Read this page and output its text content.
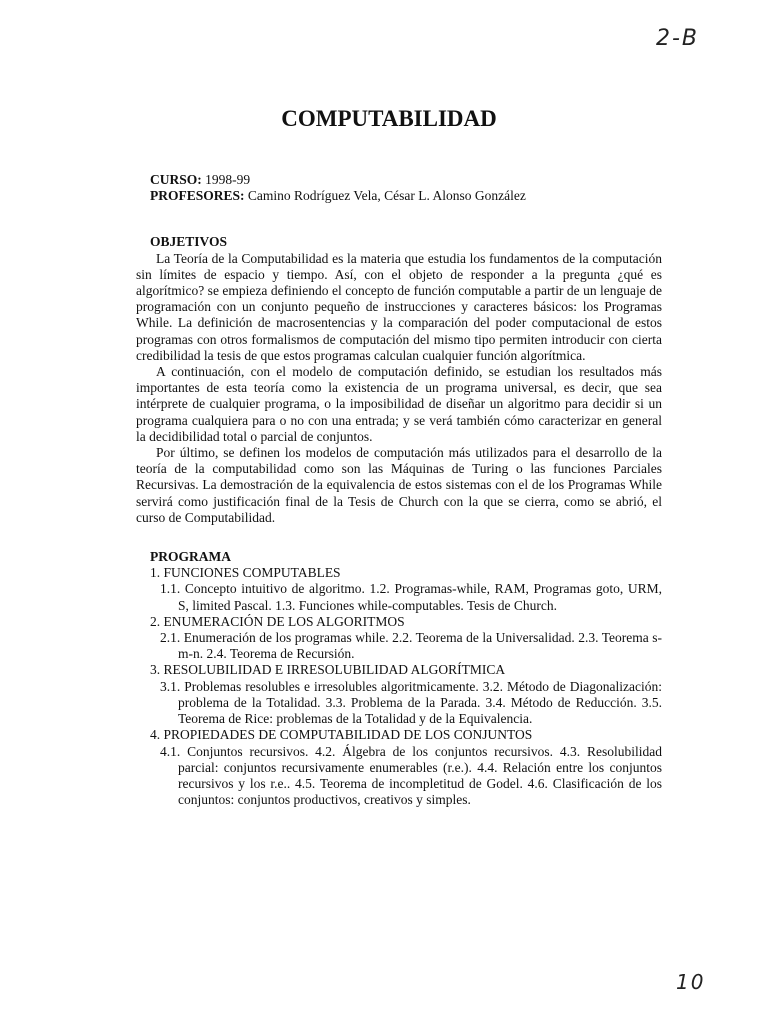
2-B
COMPUTABILIDAD

CURSO: 1998-99

PROFESORES: Camino Rodríguez Vela, César L. Alonso González

OBJETIVOS

La Teoría de la Computabilidad es la materia que estudia los fundamentos de la computación sin límites de espacio y tiempo. Así, con el objeto de responder a la pregunta ¿qué es algorítmico? se empieza definiendo el concepto de función computable a partir de un lenguaje de programación con un conjunto pequeño de instrucciones y caracteres básicos: los Programas While. La definición de macrosentencias y la comparación del poder computacional de estos programas con otros formalismos de computación del mismo tipo permiten introducir con cierta credibilidad la tesis de que estos programas calculan cualquier función algorítmica.

A continuación, con el modelo de computación definido, se estudian los resultados más importantes de esta teoría como la existencia de un programa universal, es decir, que sea intérprete de cualquier programa, o la imposibilidad de diseñar un algoritmo para decidir si un programa cualquiera para o no con una entrada; y se verá también cómo caracterizar en general la decidibilidad total o parcial de conjuntos.

Por último, se definen los modelos de computación más utilizados para el desarrollo de la teoría de la computabilidad como son las Máquinas de Turing o las funciones Parciales Recursivas. La demostración de la equivalencia de estos sistemas con el de los Programas While servirá como justificación final de la Tesis de Church con la que se cierra, como se abrió, el curso de Computabilidad.

PROGRAMA

1. FUNCIONES COMPUTABLES

1.1. Concepto intuitivo de algoritmo. 1.2. Programas-while, RAM, Programas goto, URM, S, limited Pascal. 1.3. Funciones while-computables. Tesis de Church.

2. ENUMERACIÓN DE LOS ALGORITMOS

2.1. Enumeración de los programas while. 2.2. Teorema de la Universalidad. 2.3. Teorema s-m-n. 2.4. Teorema de Recursión.

3. RESOLUBILIDAD E IRRESOLUBILIDAD ALGORÍTMICA

3.1. Problemas resolubles e irresolubles algoritmicamente. 3.2. Método de Diagonalización: problema de la Totalidad. 3.3. Problema de la Parada. 3.4. Método de Reducción. 3.5. Teorema de Rice: problemas de la Totalidad y de la Equivalencia.

4. PROPIEDADES DE COMPUTABILIDAD DE LOS CONJUNTOS

4.1. Conjuntos recursivos. 4.2. Álgebra de los conjuntos recursivos. 4.3. Resolubilidad parcial: conjuntos recursivamente enumerables (r.e.). 4.4. Relación entre los conjuntos recursivos y los r.e.. 4.5. Teorema de incompletitud de Godel. 4.6. Clasificación de los conjuntos: conjuntos productivos, creativos y simples.

10
